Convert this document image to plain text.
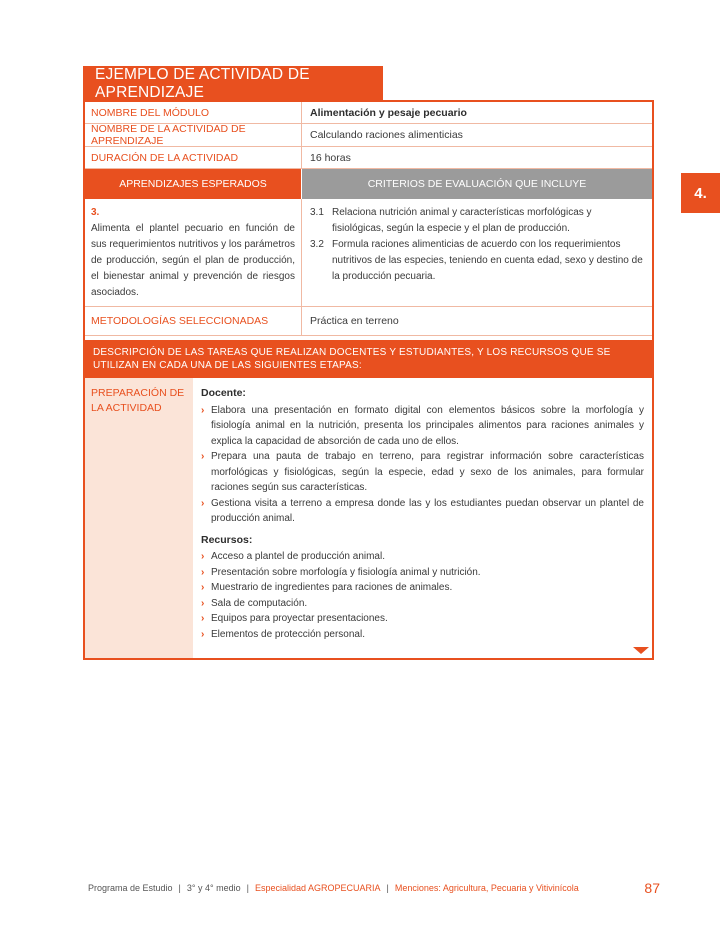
4.
EJEMPLO DE ACTIVIDAD DE APRENDIZAJE
NOMBRE DEL MÓDULO	Alimentación y pesaje pecuario
NOMBRE DE LA ACTIVIDAD DE APRENDIZAJE	Calculando raciones alimenticias
DURACIÓN DE LA ACTIVIDAD	16 horas
APRENDIZAJES ESPERADOS	CRITERIOS DE EVALUACIÓN QUE INCLUYE
3.
Alimenta el plantel pecuario en función de sus requerimientos nutritivos y los parámetros de producción, según el plan de producción, el bienestar animal y prevención de riesgos asociados.
3.1 Relaciona nutrición animal y características morfológicas y fisiológicas, según la especie y el plan de producción.
3.2 Formula raciones alimenticias de acuerdo con los requerimientos nutritivos de las especies, teniendo en cuenta edad, sexo y destino de la producción pecuaria.
METODOLOGÍAS SELECCIONADAS	Práctica en terreno
DESCRIPCIÓN DE LAS TAREAS QUE REALIZAN DOCENTES Y ESTUDIANTES, Y LOS RECURSOS QUE SE UTILIZAN EN CADA UNA DE LAS SIGUIENTES ETAPAS:
PREPARACIÓN DE LA ACTIVIDAD
Docente:
› Elabora una presentación en formato digital con elementos básicos sobre la morfología y fisiología animal en la nutrición, presenta los principales alimentos para raciones animales y explica la capacidad de absorción de cada uno de ellos.
› Prepara una pauta de trabajo en terreno, para registrar información sobre características morfológicas y fisiológicas, según la especie, edad y sexo de los animales, para formular raciones según sus características.
› Gestiona visita a terreno a empresa donde las y los estudiantes puedan observar un plantel de producción animal.
Recursos:
› Acceso a plantel de producción animal.
› Presentación sobre morfología y fisiología animal y nutrición.
› Muestrario de ingredientes para raciones de animales.
› Sala de computación.
› Equipos para proyectar presentaciones.
› Elementos de protección personal.
Programa de Estudio | 3° y 4° medio | Especialidad AGROPECUARIA | Menciones: Agricultura, Pecuaria y Vitivinícola	87
